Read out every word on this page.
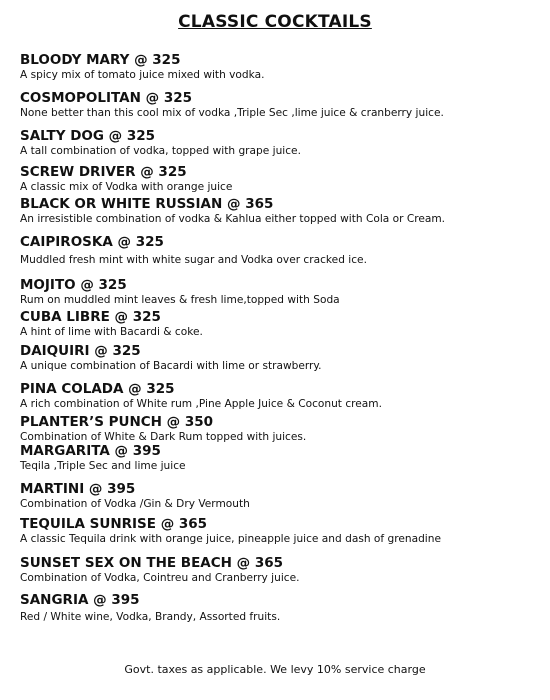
CLASSIC COCKTAILS
BLOODY MARY @ 325
A spicy mix of tomato juice mixed with vodka.
COSMOPOLITAN @ 325
None better than this cool mix of vodka ,Triple Sec ,lime juice & cranberry juice.
SALTY DOG @ 325
A tall combination of vodka, topped with grape juice.
SCREW DRIVER @ 325
A classic mix of Vodka with orange juice
BLACK OR WHITE RUSSIAN @ 365
An irresistible combination of vodka & Kahlua either topped with Cola or Cream.
CAIPIROSKA @ 325
Muddled fresh mint with white sugar and Vodka over cracked ice.
MOJITO @ 325
Rum on muddled mint leaves & fresh lime,topped with Soda
CUBA LIBRE @ 325
A hint of lime with Bacardi & coke.
DAIQUIRI @ 325
A unique combination of Bacardi with lime or strawberry.
PINA COLADA @ 325
A rich combination of White rum ,Pine Apple Juice & Coconut cream.
PLANTER’S PUNCH @ 350
Combination of White & Dark Rum topped with juices.
MARGARITA @ 395
Teqila ,Triple Sec and lime juice
MARTINI @ 395
Combination of Vodka /Gin & Dry Vermouth
TEQUILA SUNRISE @ 365
A classic Tequila drink with orange juice, pineapple juice and dash of grenadine
SUNSET SEX ON THE BEACH @ 365
Combination of Vodka, Cointreu and Cranberry juice.
SANGRIA @ 395
Red / White wine, Vodka, Brandy, Assorted fruits.
Govt. taxes as applicable. We levy 10% service charge
